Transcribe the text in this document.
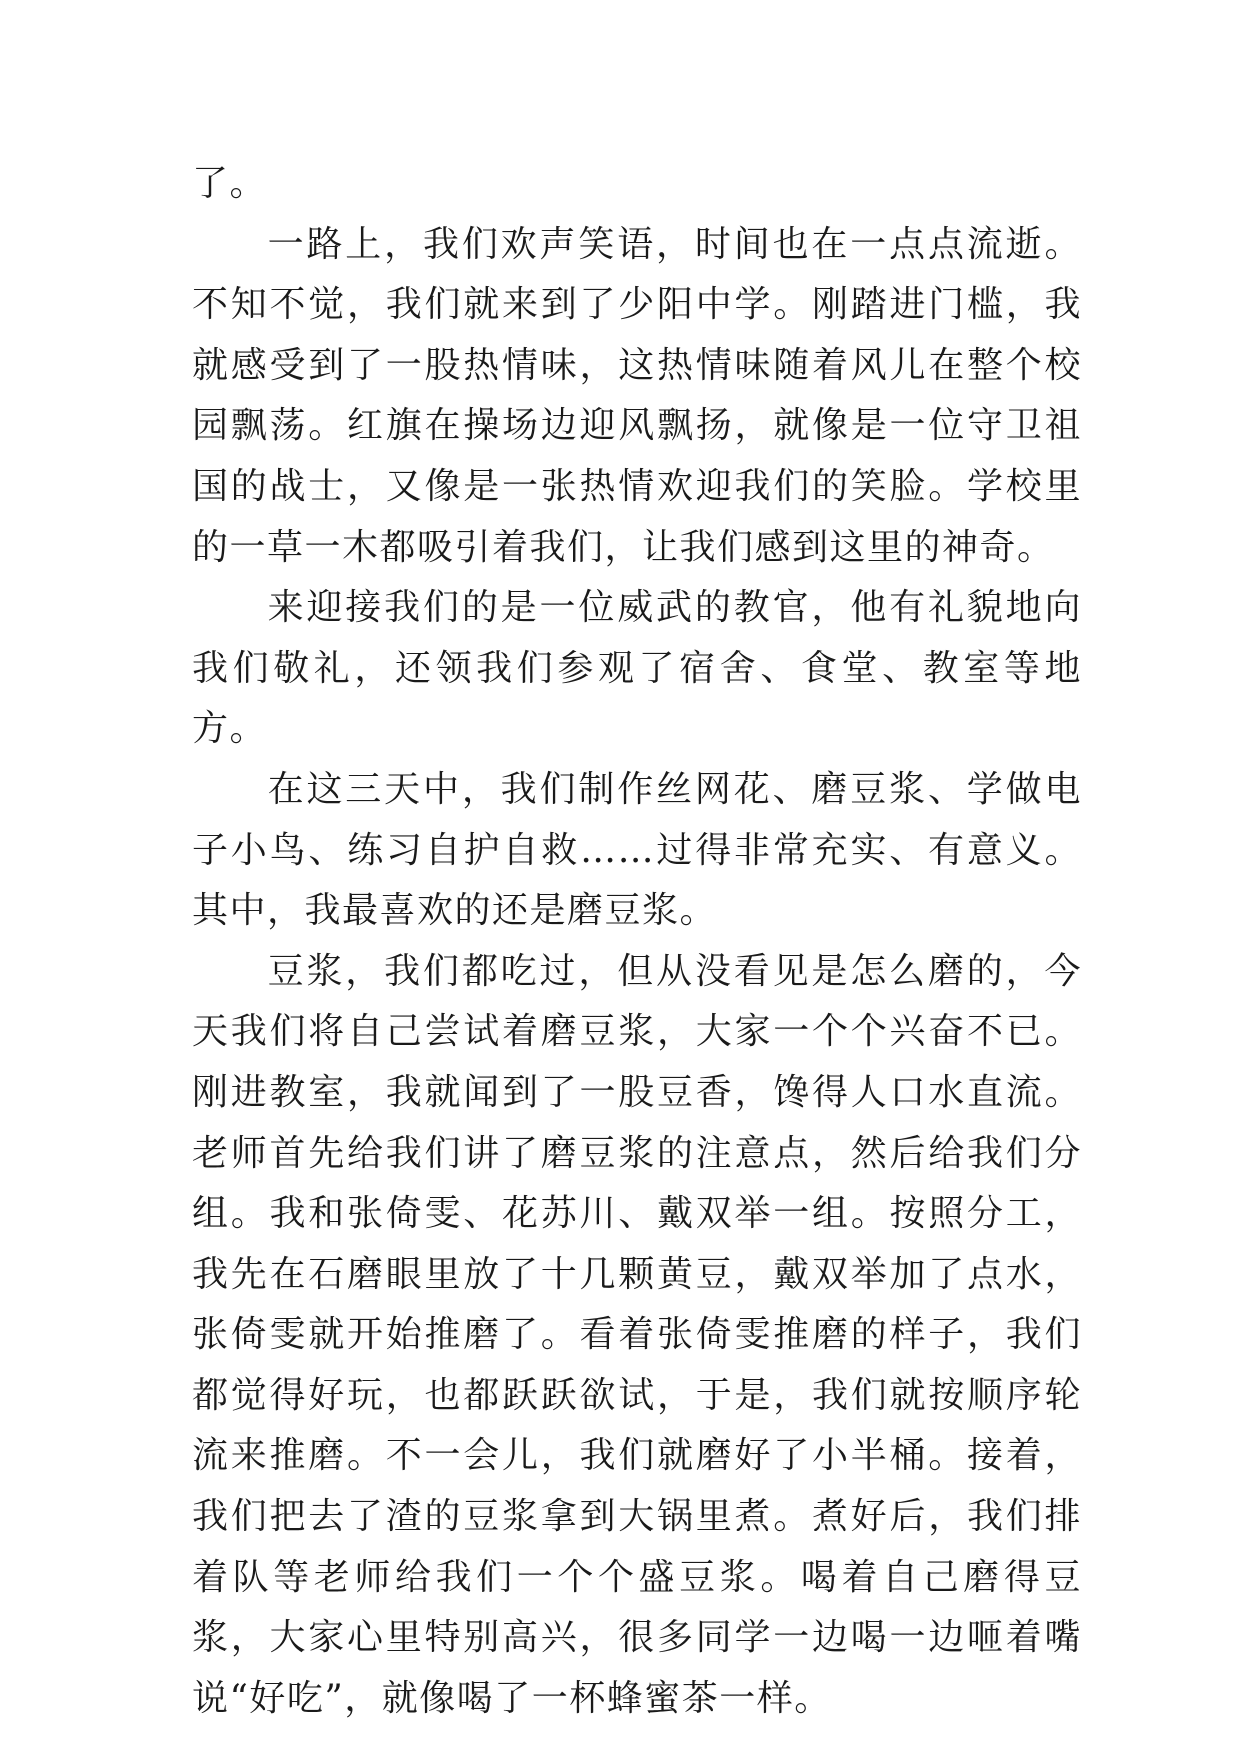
了。

一路上，我们欢声笑语，时间也在一点点流逝。不知不觉，我们就来到了少阳中学。刚踏进门槛，我就感受到了一股热情味，这热情味随着风儿在整个校园飘荡。红旗在操场边迎风飘扬，就像是一位守卫祖国的战士，又像是一张热情欢迎我们的笑脸。学校里的一草一木都吸引着我们，让我们感到这里的神奇。

来迎接我们的是一位威武的教官，他有礼貌地向我们敬礼，还领我们参观了宿舍、食堂、教室等地方。

在这三天中，我们制作丝网花、磨豆浆、学做电子小鸟、练习自护自救……过得非常充实、有意义。其中，我最喜欢的还是磨豆浆。

豆浆，我们都吃过，但从没看见是怎么磨的，今天我们将自己尝试着磨豆浆，大家一个个兴奋不已。刚进教室，我就闻到了一股豆香，馋得人口水直流。老师首先给我们讲了磨豆浆的注意点，然后给我们分组。我和张倚雯、花苏川、戴双举一组。按照分工，我先在石磨眼里放了十几颗黄豆，戴双举加了点水，张倚雯就开始推磨了。看着张倚雯推磨的样子，我们都觉得好玩，也都跃跃欲试，于是，我们就按顺序轮流来推磨。不一会儿，我们就磨好了小半桶。接着，我们把去了渣的豆浆拿到大锅里煮。煮好后，我们排着队等老师给我们一个个盛豆浆。喝着自己磨得豆浆，大家心里特别高兴，很多同学一边喝一边咂着嘴说“好吃”，就像喝了一杯蜂蜜茶一样。
